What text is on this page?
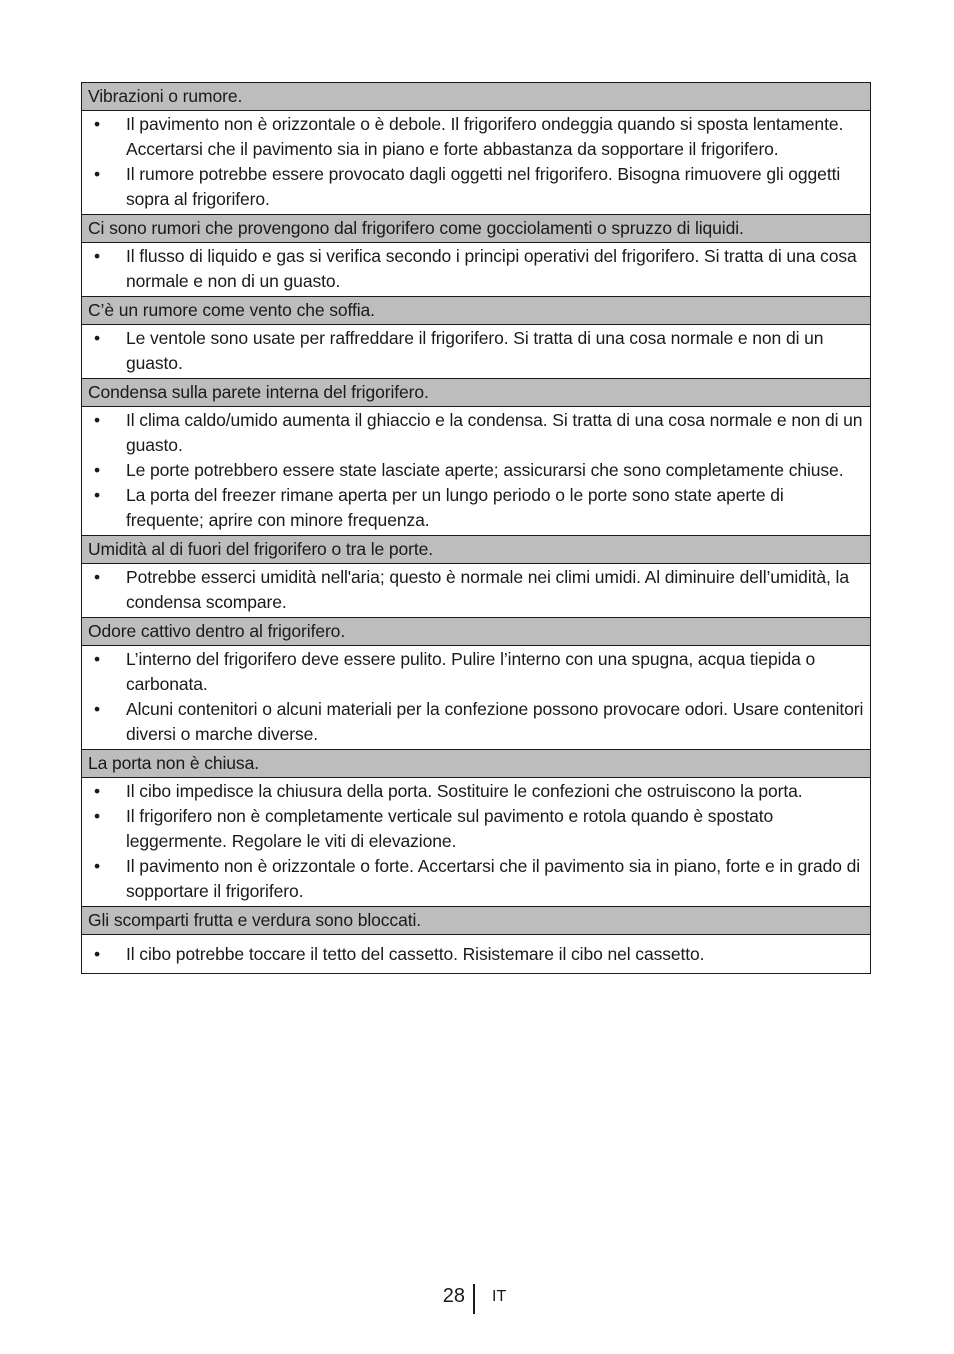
Vibrazioni o rumore.

• Il pavimento non è orizzontale o è debole. Il frigorifero ondeggia quando si sposta lentamente. Accertarsi che il pavimento sia in piano e forte abbastanza da sopportare il frigorifero.
• Il rumore potrebbe essere provocato dagli oggetti nel frigorifero. Bisogna rimuovere gli oggetti sopra al frigorifero.

Ci sono rumori che provengono dal frigorifero come gocciolamenti o spruzzo di liquidi.

• Il flusso di liquido e gas si verifica secondo i principi operativi del frigorifero. Si tratta di una cosa normale e non di un guasto.

C’è un rumore come vento che soffia.

• Le ventole sono usate per raffreddare il frigorifero. Si tratta di una cosa normale e non di un guasto.

Condensa sulla parete interna del frigorifero.

• Il clima caldo/umido aumenta il ghiaccio e la condensa. Si tratta di una cosa normale e non di un guasto.
• Le porte potrebbero essere state lasciate aperte; assicurarsi che sono completamente chiuse.
• La porta del freezer rimane aperta per un lungo periodo o le porte sono state aperte di frequente; aprire con minore frequenza.

Umidità al di fuori del frigorifero o tra le porte.

• Potrebbe esserci umidità nell'aria; questo è normale nei climi umidi. Al diminuire dell’umidità, la condensa scompare.

Odore cattivo dentro al frigorifero.

• L’interno del frigorifero deve essere pulito. Pulire l’interno con una spugna, acqua tiepida o carbonata.
• Alcuni contenitori o alcuni materiali per la confezione possono provocare odori. Usare contenitori diversi o marche diverse.

La porta non è chiusa.

• Il cibo impedisce la chiusura della porta. Sostituire le confezioni che ostruiscono la porta.
• Il frigorifero non è completamente verticale sul pavimento e rotola quando è spostato leggermente. Regolare le viti di elevazione.
• Il pavimento non è orizzontale o forte. Accertarsi che il pavimento sia in piano, forte e in grado di sopportare il frigorifero.

Gli scomparti frutta e verdura sono bloccati.

• Il cibo potrebbe toccare il tetto del cassetto. Risistemare il cibo nel cassetto.
28 IT
